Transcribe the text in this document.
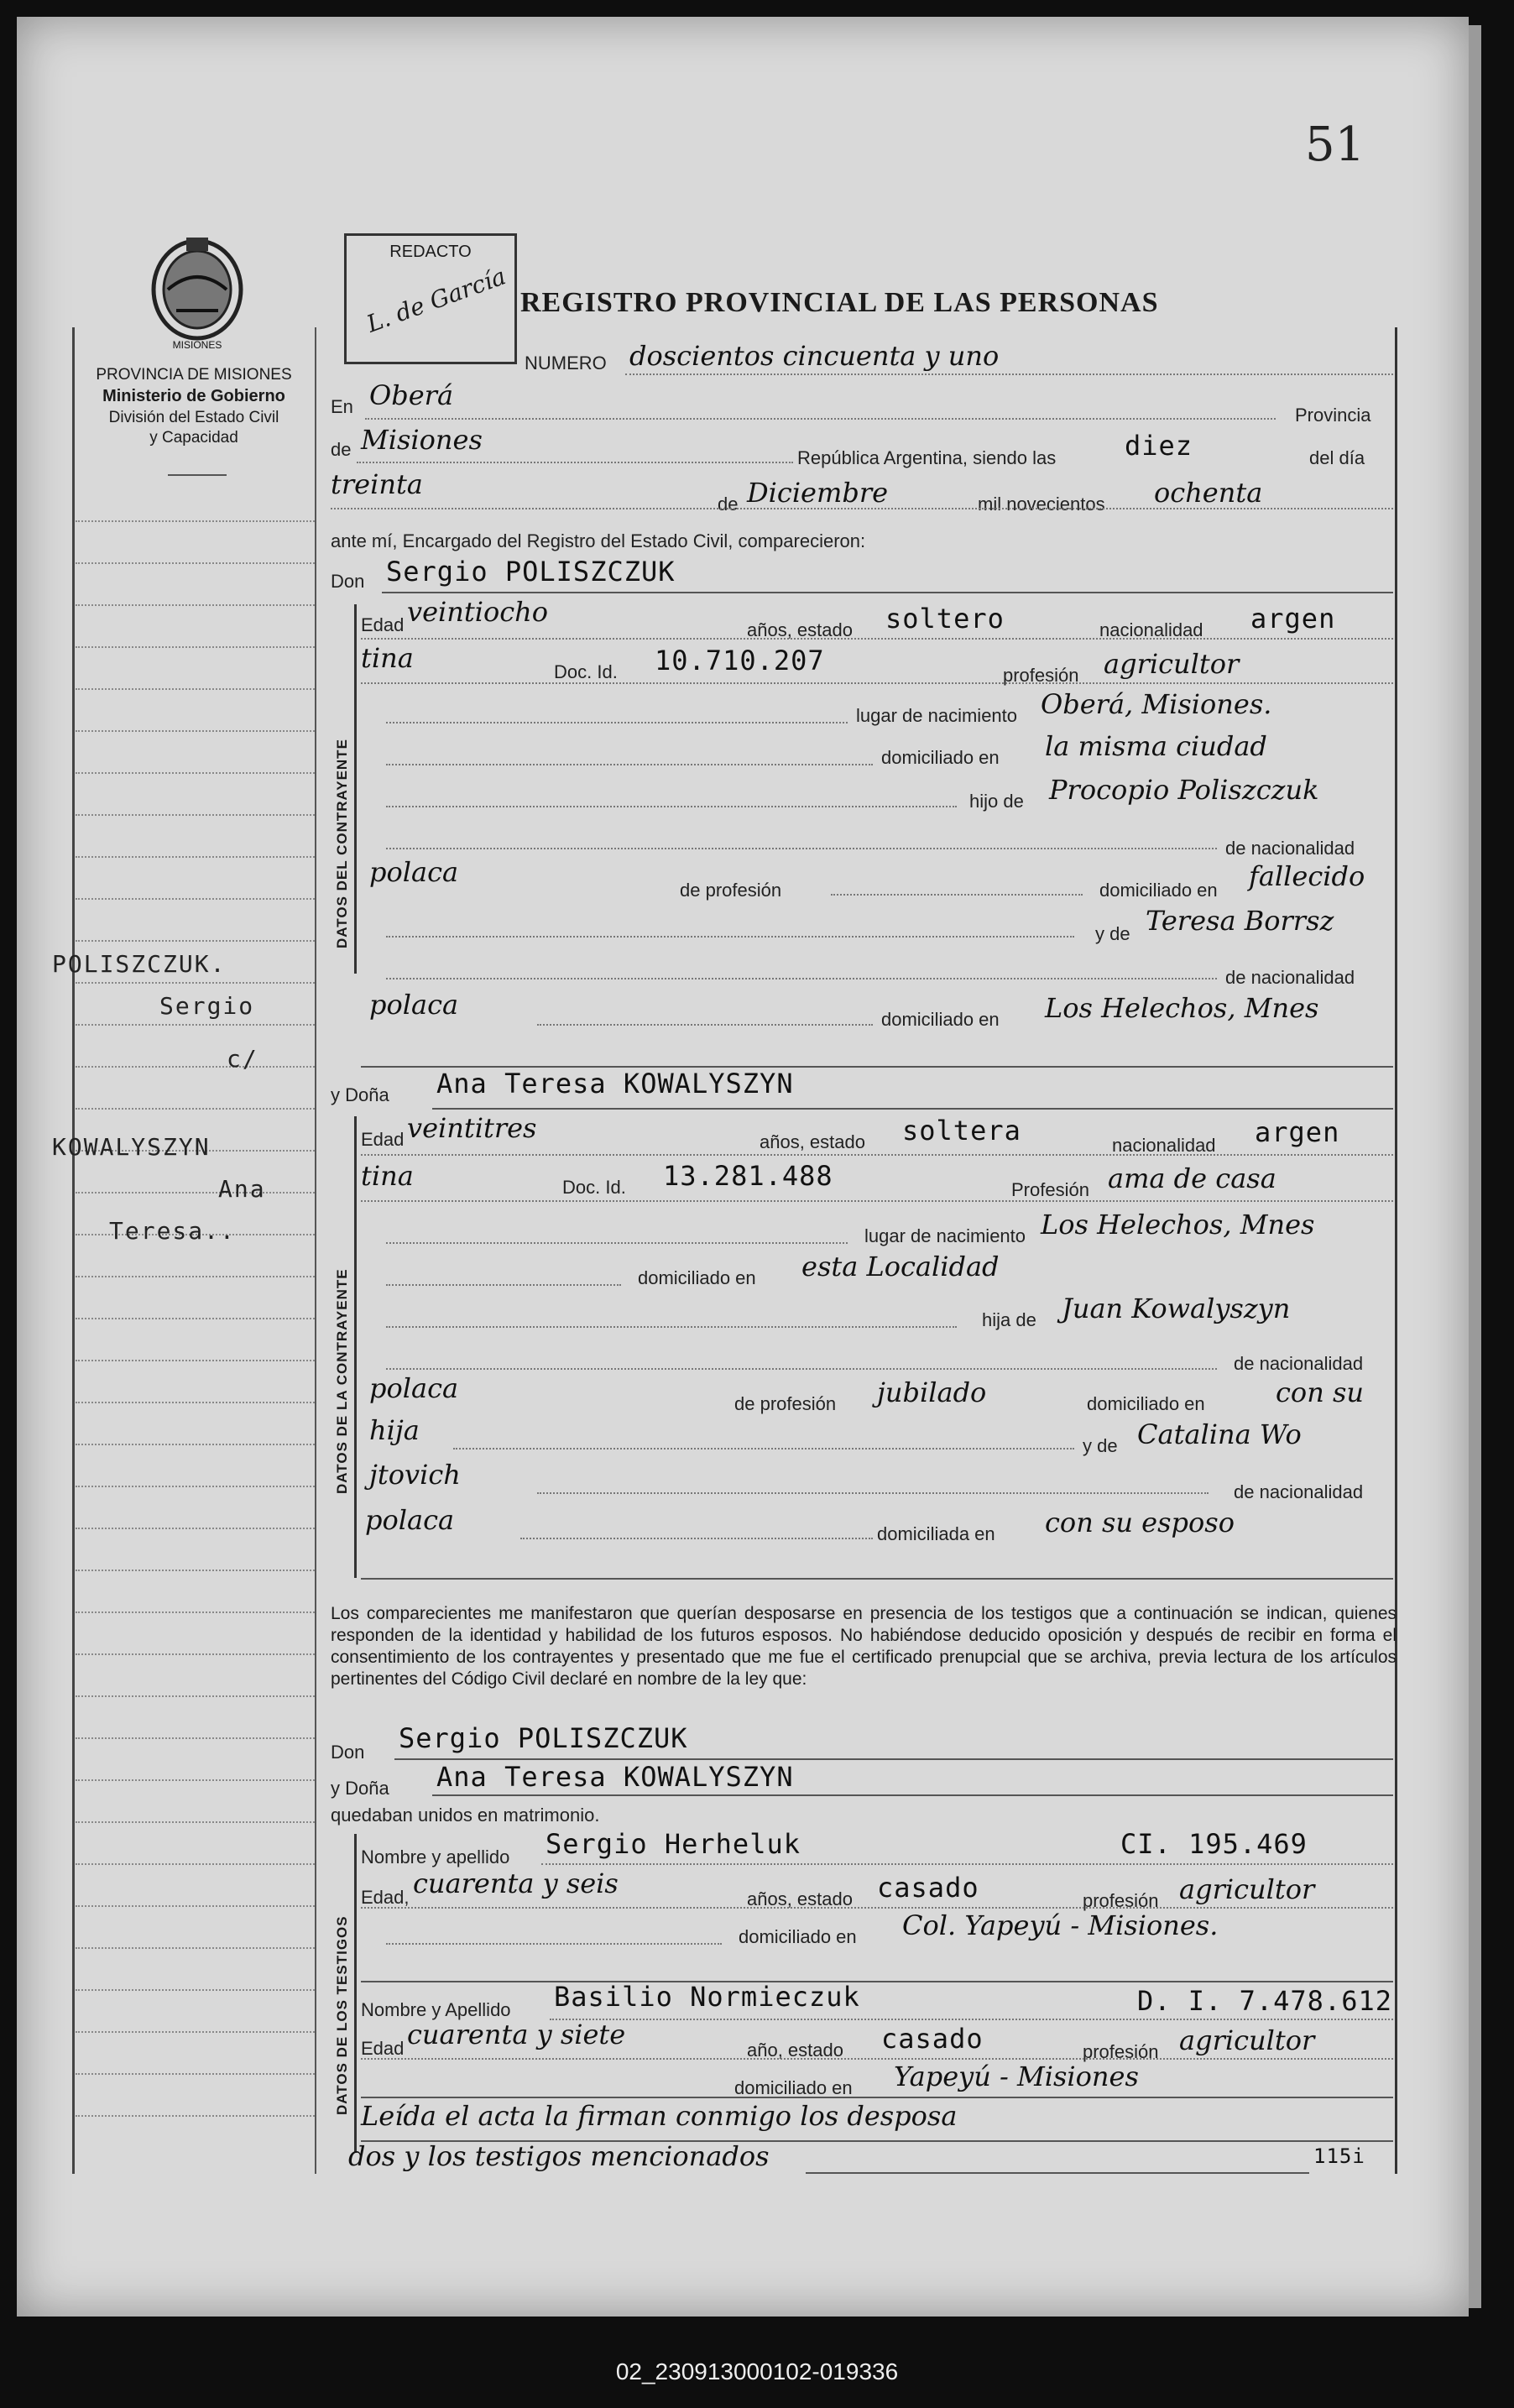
51
MISIONES
PROVINCIA DE MISIONES
Ministerio de Gobierno
División del Estado Civil
y Capacidad
POLISZCZUK.
Sergio
c/
KOWALYSZYN
Ana
Teresa..
REDACTO
L. de García REGISTRO PROVINCIAL DE LAS PERSONAS
NUMERO doscientos cincuenta y uno
En Oberá
Provincia
de Misiones
República Argentina, siendo las	diez	del día
treinta
de Diciembre	mil novecientos ochenta
ante mí, Encargado del Registro del Estado Civil, comparecieron:
Don Sergio POLISZCZUK
DATOS DEL CONTRAYENTE
Edad veintiocho
años, estado soltero	nacionalidad argen
tina	Doc. Id. 10.710.207	profesión agricultor
lugar de nacimiento Oberá, Misiones.
domiciliado en la misma ciudad
hijo de Procopio Poliszczuk
de nacionalidad
polaca
de profesión	domiciliado en fallecido
y de Teresa Borrsz
de nacionalidad
polaca	domiciliado en Los Helechos, Mnes
y Doña Ana Teresa KOWALYSZYN
DATOS DE LA CONTRAYENTE
Edad veintitres	años, estado soltera	nacionalidad argen
tina	Doc. Id. 13.281.488	Profesión ama de casa
lugar de nacimiento Los Helechos, Mnes
domiciliado en esta Localidad
hija de Juan Kowalyszyn
de nacionalidad
polaca	de profesión jubilado	domiciliado en	con su
hija	y de Catalina Wo
jtovich
de nacionalidad
polaca	domiciliada en con su esposo
Los comparecientes me manifestaron que querían desposarse en presencia de los testigos que a continuación se indican, quienes responden de la identidad y habilidad de los futuros esposos. No habiéndose deducido oposición y después de recibir en forma el consentimiento de los contrayentes y presentado que me fue el certificado prenupcial que se archiva, previa lectura de los artículos pertinentes del Código Civil declaré en nombre de la ley que:
Don Sergio POLISZCZUK
y Doña Ana Teresa KOWALYSZYN
quedaban unidos en matrimonio.
DATOS DE LOS TESTIGOS
Nombre y apellido Sergio Herheluk	CI. 195.469
Edad, cuarenta y seis	años, estado casado	profesión agricultor
domiciliado en Col. Yapeyú - Misiones.
Nombre y Apellido Basilio Normieczuk	D. I. 7.478.612
Edad cuarenta y siete	año, estado casado	profesión agricultor
domiciliado en Yapeyú - Misiones
Leída el acta la firman conmigo los desposa
dos y los testigos mencionados	115i
02_230913000102-019336
